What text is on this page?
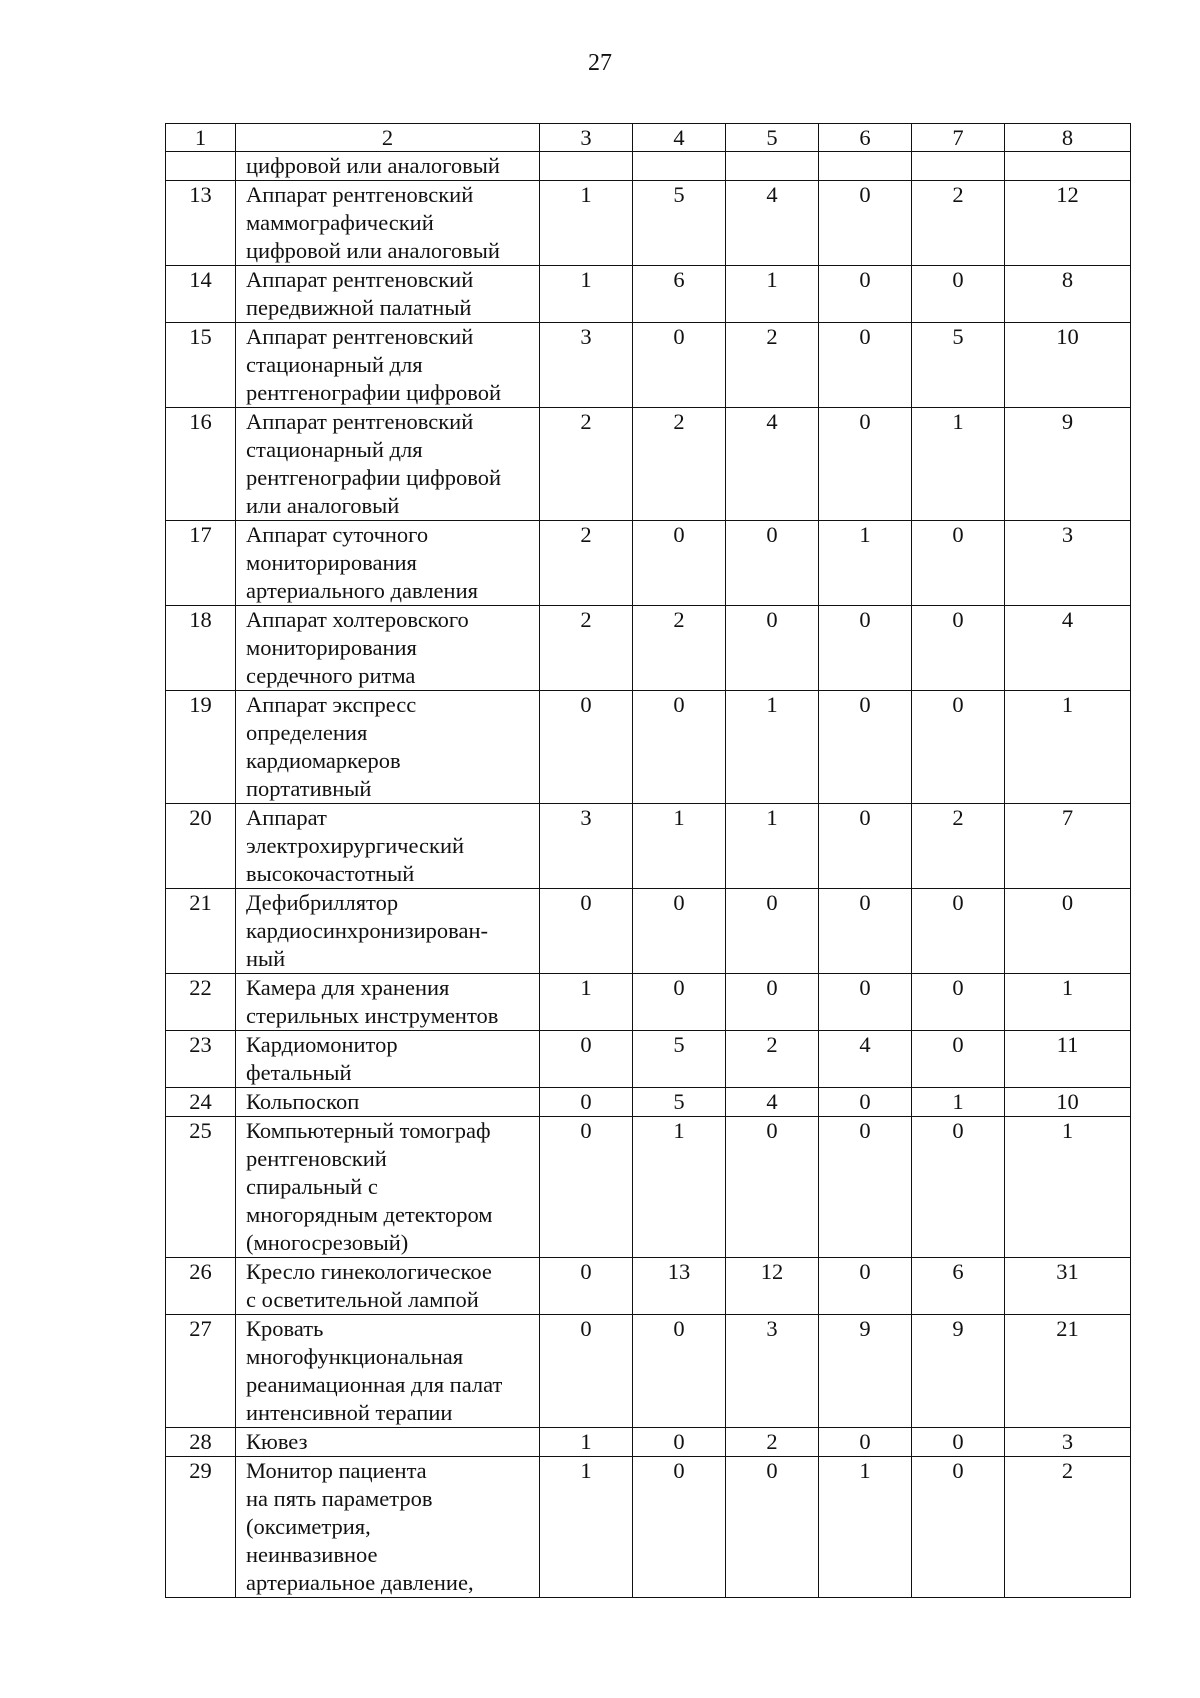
27
1	2	3	4	5	6	7	8

	цифровой или аналоговый						

13	Аппарат рентгеновский
маммографический
цифровой или аналоговый	1	5	4	0	2	12
14	Аппарат рентгеновский
передвижной палатный	1	6	1	0	0	8
15	Аппарат рентгеновский
стационарный для
рентгенографии цифровой	3	0	2	0	5	10
16	Аппарат рентгеновский
стационарный для
рентгенографии цифровой
или аналоговый	2	2	4	0	1	9
17	Аппарат суточного
мониторирования
артериального давления	2	0	0	1	0	3
18	Аппарат холтеровского
мониторирования
сердечного ритма	2	2	0	0	0	4
19	Аппарат экспресс
определения
кардиомаркеров
портативный	0	0	1	0	0	1
20	Аппарат
электрохирургический
высокочастотный	3	1	1	0	2	7
21	Дефибриллятор
кардиосинхронизирован-
ный	0	0	0	0	0	0
22	Камера для хранения
стерильных инструментов	1	0	0	0	0	1
23	Кардиомонитор
фетальный	0	5	2	4	0	11
24	Кольпоскоп	0	5	4	0	1	10
25	Компьютерный томограф
рентгеновский
спиральный с
многорядным детектором
(многосрезовый)	0	1	0	0	0	1
26	Кресло гинекологическое
с осветительной лампой	0	13	12	0	6	31
27	Кровать
многофункциональная
реанимационная для палат
интенсивной терапии	0	0	3	9	9	21
28	Кювез	1	0	2	0	0	3
29	Монитор пациента
на пять параметров
(оксиметрия,
неинвазивное
артериальное давление,	1	0	0	1	0	2
